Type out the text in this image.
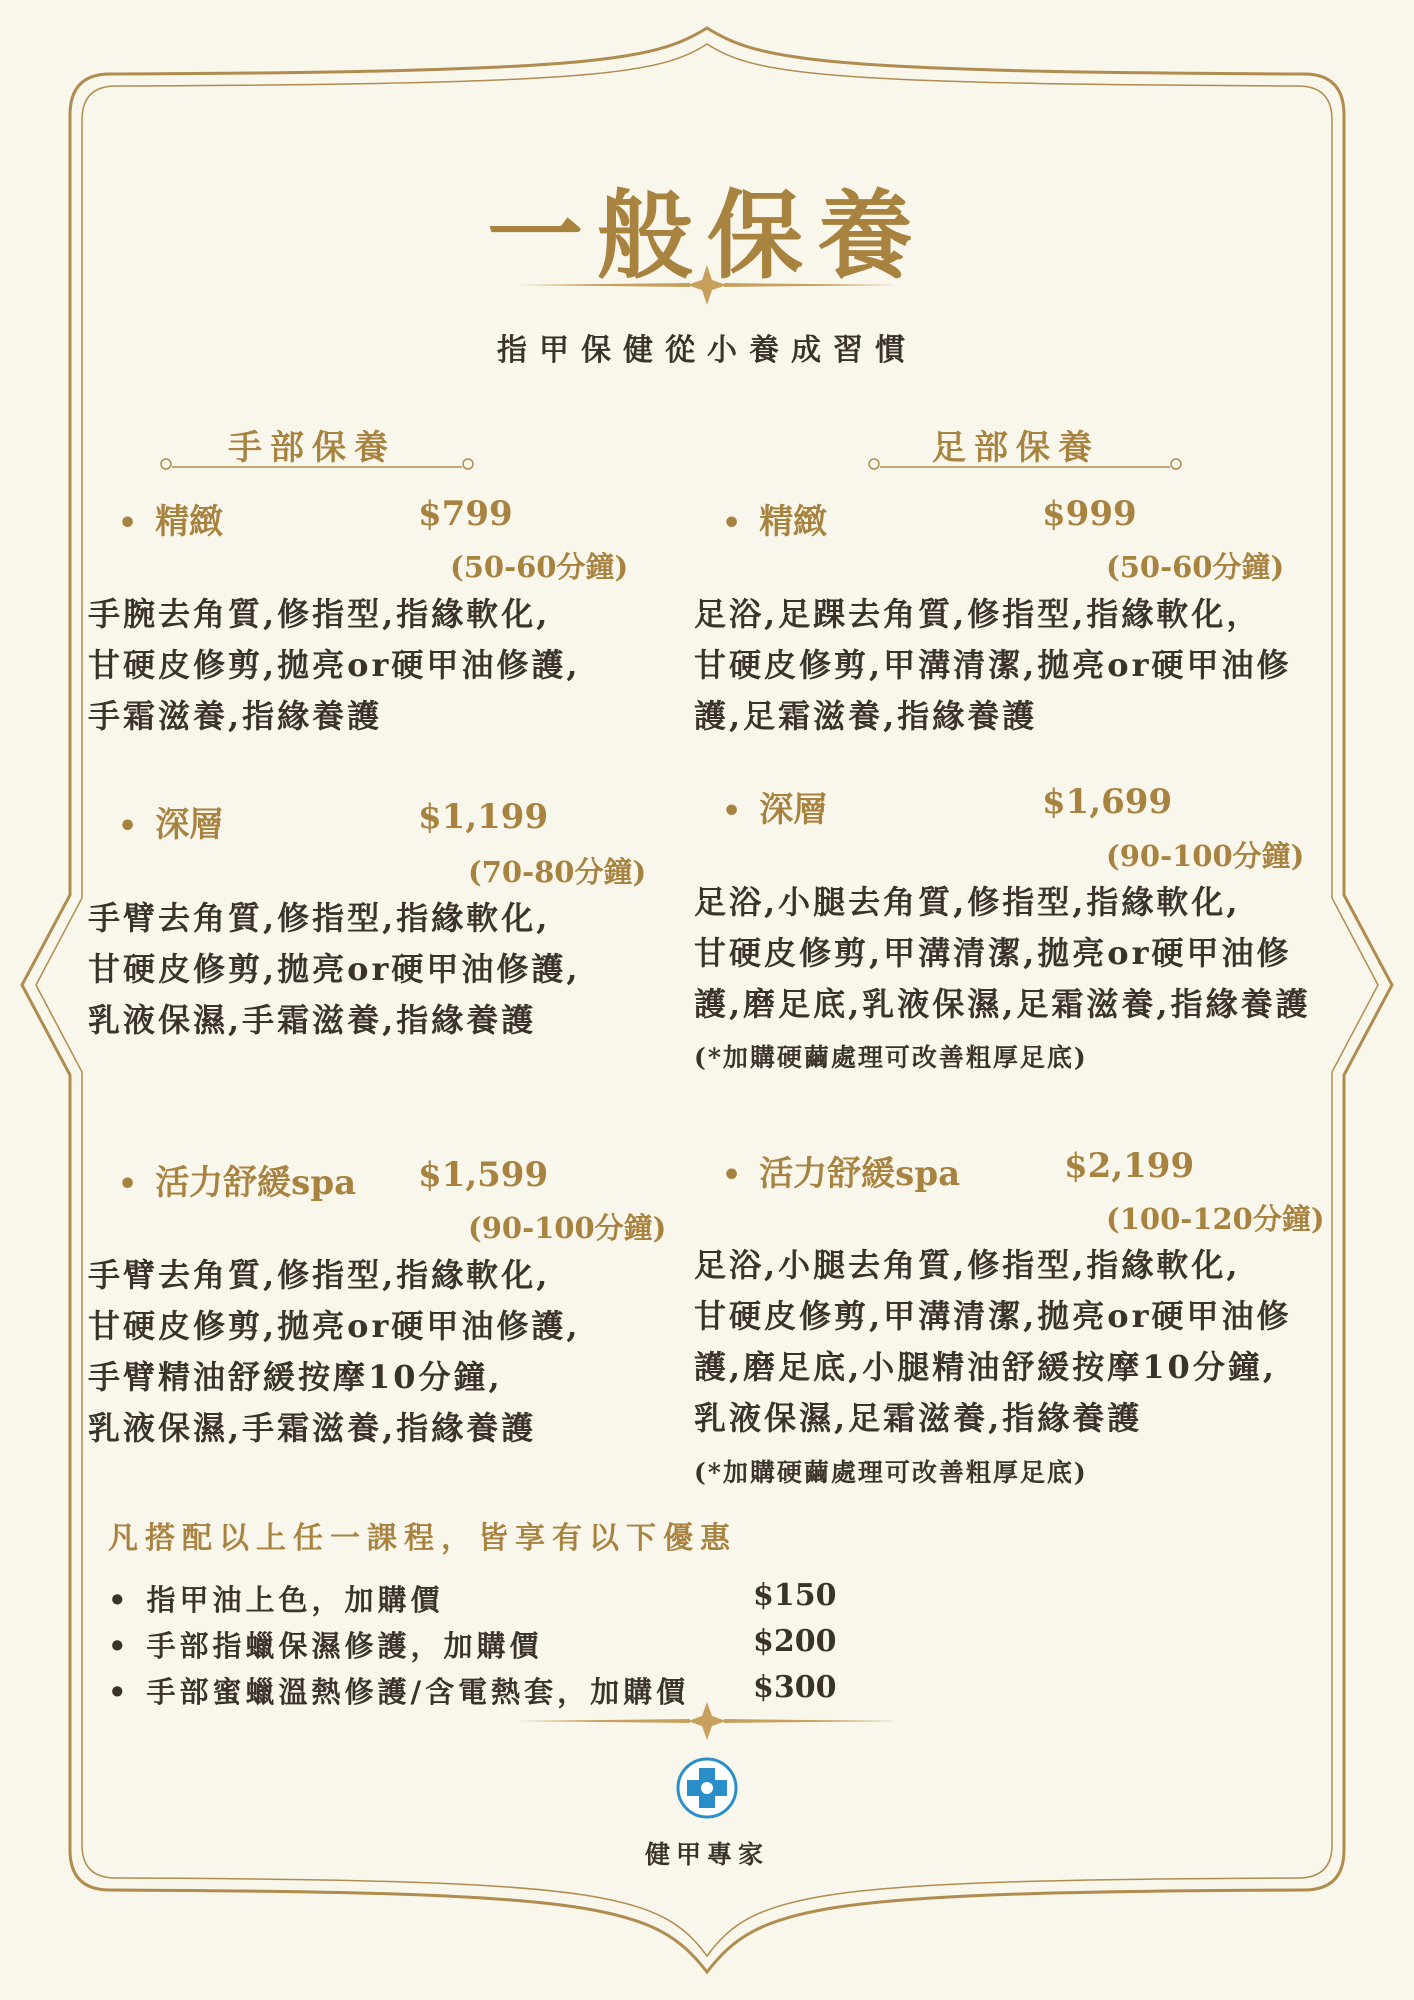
一般保養
指甲保健從小養成習慣
手部保養
• 精緻	$799
(50-60分鐘)
手腕去角質,修指型,指緣軟化,
甘硬皮修剪,拋亮or硬甲油修護,
手霜滋養,指緣養護
• 深層	$1,199
(70-80分鐘)
手臂去角質,修指型,指緣軟化,
甘硬皮修剪,拋亮or硬甲油修護,
乳液保濕,手霜滋養,指緣養護
• 活力舒緩spa $1,599
(90-100分鐘)
手臂去角質,修指型,指緣軟化,
甘硬皮修剪,拋亮or硬甲油修護,
手臂精油舒緩按摩10分鐘,
乳液保濕,手霜滋養,指緣養護
足部保養
• 精緻	$999
(50-60分鐘)
足浴,足踝去角質,修指型,指緣軟化，
甘硬皮修剪,甲溝清潔,拋亮or硬甲油修
護,足霜滋養,指緣養護
• 深層	$1,699
(90-100分鐘)
足浴,小腿去角質,修指型,指緣軟化,
甘硬皮修剪,甲溝清潔,拋亮or硬甲油修
護,磨足底,乳液保濕,足霜滋養,指緣養護
(*加購硬繭處理可改善粗厚足底)
• 活力舒緩spa	$2,199
(100-120分鐘)
足浴,小腿去角質,修指型,指緣軟化,
甘硬皮修剪,甲溝清潔,拋亮or硬甲油修
護,磨足底,小腿精油舒緩按摩10分鐘,
乳液保濕,足霜滋養,指緣養護
(*加購硬繭處理可改善粗厚足底)
凡搭配以上任一課程，皆享有以下優惠
• 指甲油上色，加購價	$150
• 手部指蠟保濕修護，加購價	$200
• 手部蜜蠟溫熱修護/含電熱套，加購價 $300
健甲專家
